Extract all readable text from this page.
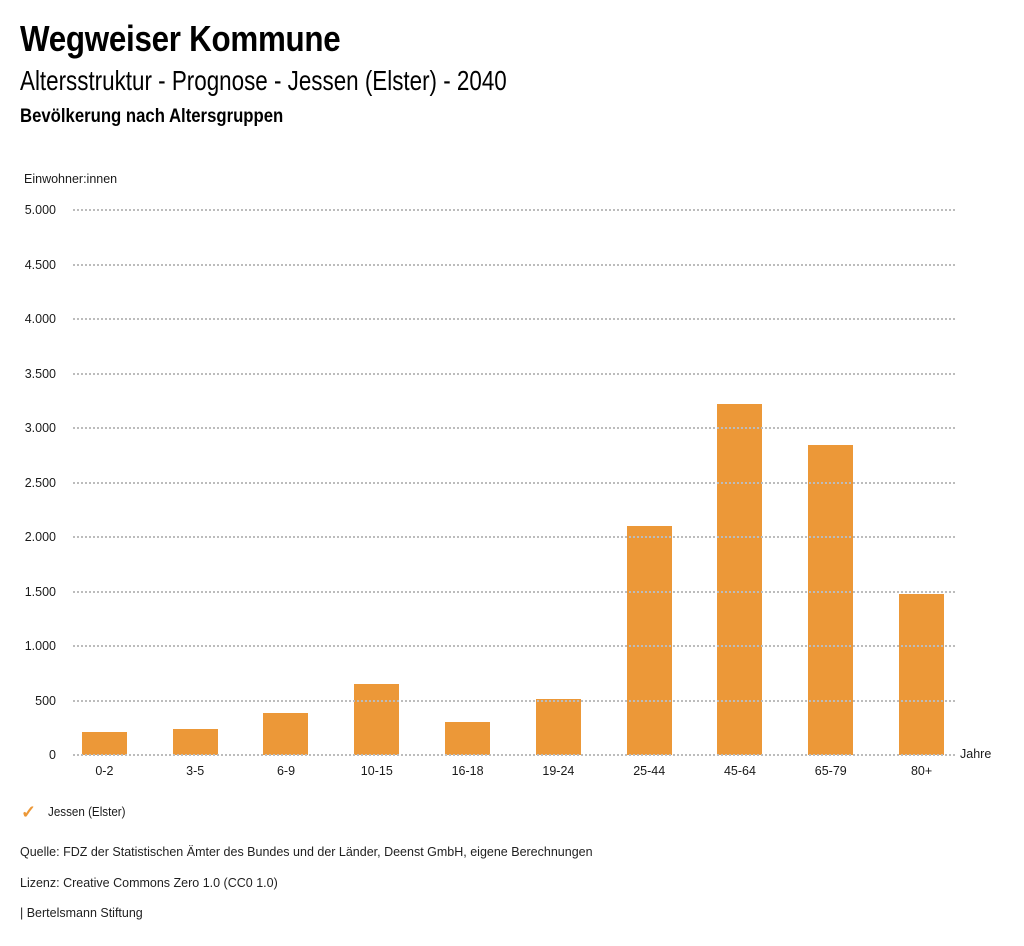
Wegweiser Kommune
Altersstruktur - Prognose - Jessen (Elster) - 2040
Bevölkerung nach Altersgruppen
Einwohner:innen
0
500
1.000
1.500
2.000
2.500
3.000
3.500
4.000
4.500
5.000
0-2	3-5	6-9	10-15	16-18	19-24	25-44	45-64	65-79	80+
Jahre
✓ Jessen (Elster)
Quelle: FDZ der Statistischen Ämter des Bundes und der Länder, Deenst GmbH, eigene Berechnungen
Lizenz: Creative Commons Zero 1.0 (CC0 1.0)
| Bertelsmann Stiftung
